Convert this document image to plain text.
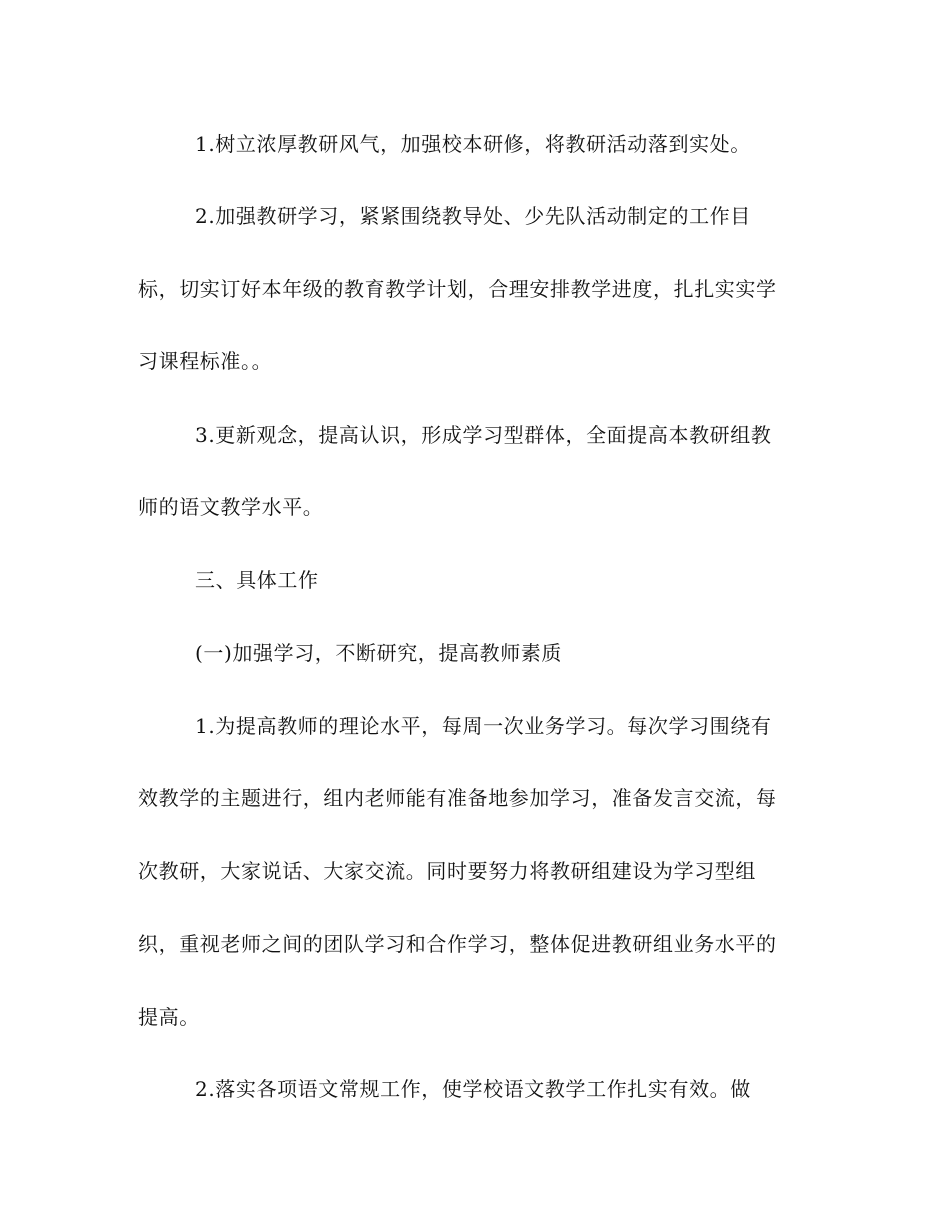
1.树立浓厚教研风气，加强校本研修，将教研活动落到实处。
2.加强教研学习，紧紧围绕教导处、少先队活动制定的工作目
标，切实订好本年级的教育教学计划，合理安排教学进度，扎扎实实学
习课程标准。。
3.更新观念，提高认识，形成学习型群体，全面提高本教研组教
师的语文教学水平。
三、具体工作
(一)加强学习，不断研究，提高教师素质
1.为提高教师的理论水平，每周一次业务学习。每次学习围绕有
效教学的主题进行，组内老师能有准备地参加学习，准备发言交流，每
次教研，大家说话、大家交流。同时要努力将教研组建设为学习型组
织，重视老师之间的团队学习和合作学习，整体促进教研组业务水平的
提高。
2.落实各项语文常规工作，使学校语文教学工作扎实有效。做
